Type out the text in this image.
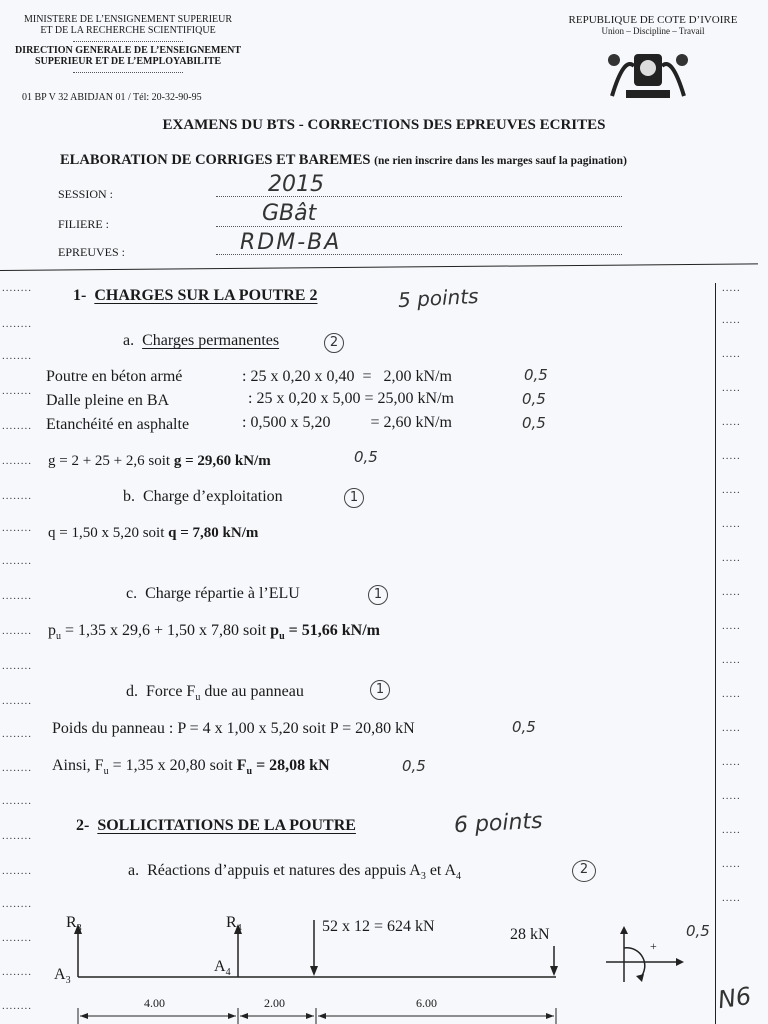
MINISTERE DE L’ENSIGNEMENT SUPERIEUR
ET DE LA RECHERCHE SCIENTIFIQUE
DIRECTION GENERALE DE L’ENSEIGNEMENT
SUPERIEUR ET DE L’EMPLOYABILITE
01 BP V 32 ABIDJAN 01 / Tél: 20-32-90-95
REPUBLIQUE DE COTE D’IVOIRE
Union – Discipline – Travail
EXAMENS DU BTS - CORRECTIONS DES EPREUVES ECRITES
ELABORATION DE CORRIGES ET BAREMES (ne rien inscrire dans les marges sauf la pagination)
SESSION :	2015
FILIERE :	GBât
EPREUVES :	RDM-BA
........
........
........
........
........
........
........
........
........
........
........
........
........
........
........
........
........
........
........
........
........
........
.....
.....
.....
.....
.....
.....
.....
.....
.....
.....
.....
.....
.....
.....
.....
.....
.....
.....
.....
1- CHARGES SUR LA POUTRE 2	5 points
a. Charges permanentes	2
Poutre en béton armé	: 25 x 0,20 x 0,40  =   2,00 kN/m	0,5
Dalle pleine en BA	: 25 x 0,20 x 5,00 = 25,00 kN/m	0,5
Etanchéité en asphalte	: 0,500 x 5,20          = 2,60 kN/m	0,5
g = 2 + 25 + 2,6 soit g = 29,60 kN/m	0,5
b. Charge d’exploitation	1
q = 1,50 x 5,20 soit q = 7,80 kN/m
c. Charge répartie à l’ELU	1
$p_u = 1,35$ x 29,6 + 1,50 x 7,80 soit $p_u = 51,66$ kN/m
d. Force $F_u$ due au panneau	1
Poids du panneau : P = 4 x 1,00 x 5,20 soit P = 20,80 kN	0,5
Ainsi, $F_u = 1,35$ x 20,80 soit $F_u = 28,08$ kN	0,5
2- SOLLICITATIONS DE LA POUTRE	6 points
a. Réactions d’appuis et natures des appuis $A_3$ et $A_4$	2
$R_3$	$R_4$
$A_3$
$A_4$
52 x 12 = 624 kN	28 kN
4.00	2.00	6.00
+
0,5
N6
